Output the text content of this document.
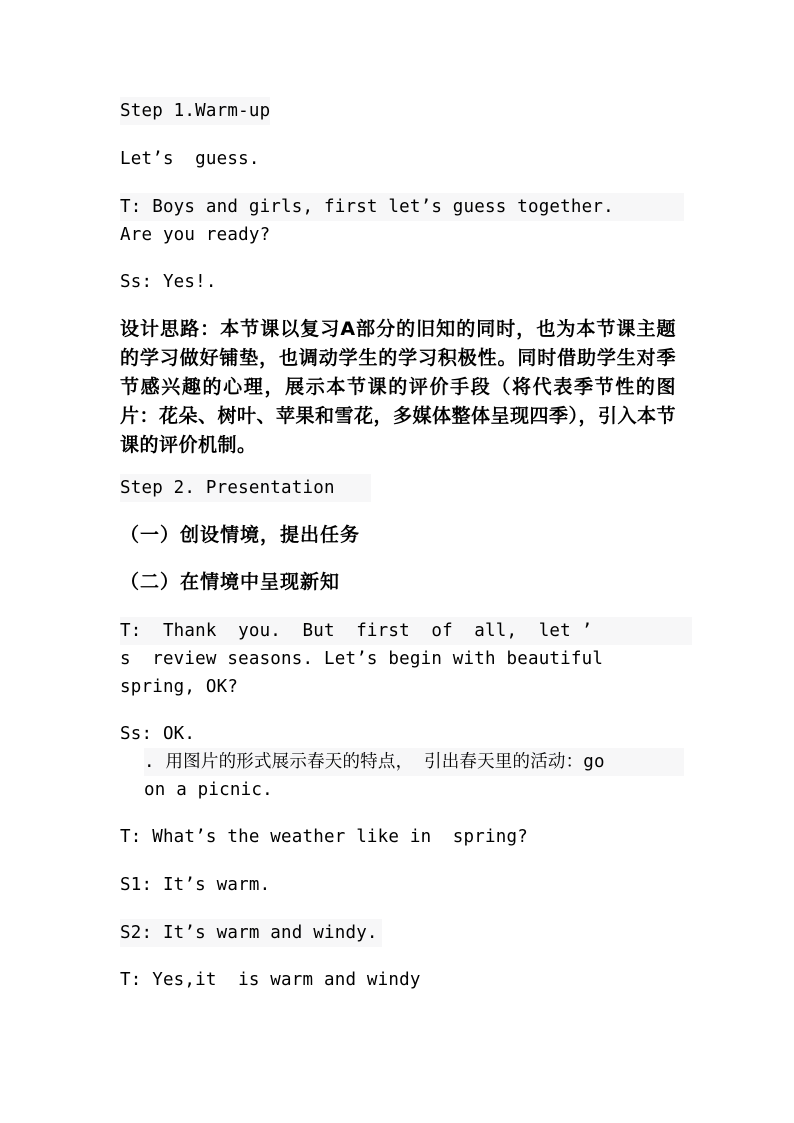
Step 1.Warm-up
Let’s  guess.
T: Boys and girls, first let’s guess together.
Are you ready?
Ss: Yes!.
设计思路：本节课以复习A部分的旧知的同时，也为本节课主题的学习做好铺垫，也调动学生的学习积极性。同时借助学生对季节感兴趣的心理，展示本节课的评价手段（将代表季节性的图片：花朵、树叶、苹果和雪花，多媒体整体呈现四季），引入本节课的评价机制。
Step 2. Presentation
（一）创设情境，提出任务
（二）在情境中呈现新知
T:  Thank  you.  But  first  of  all,  let ’
s  review seasons. Let’s begin with beautiful
spring, OK?
Ss: OK.
. 用图片的形式展示春天的特点， 引出春天里的活动：go
on a picnic.
T: What’s the weather like in  spring?
S1: It’s warm.
S2: It’s warm and windy.
T: Yes,it  is warm and windy
